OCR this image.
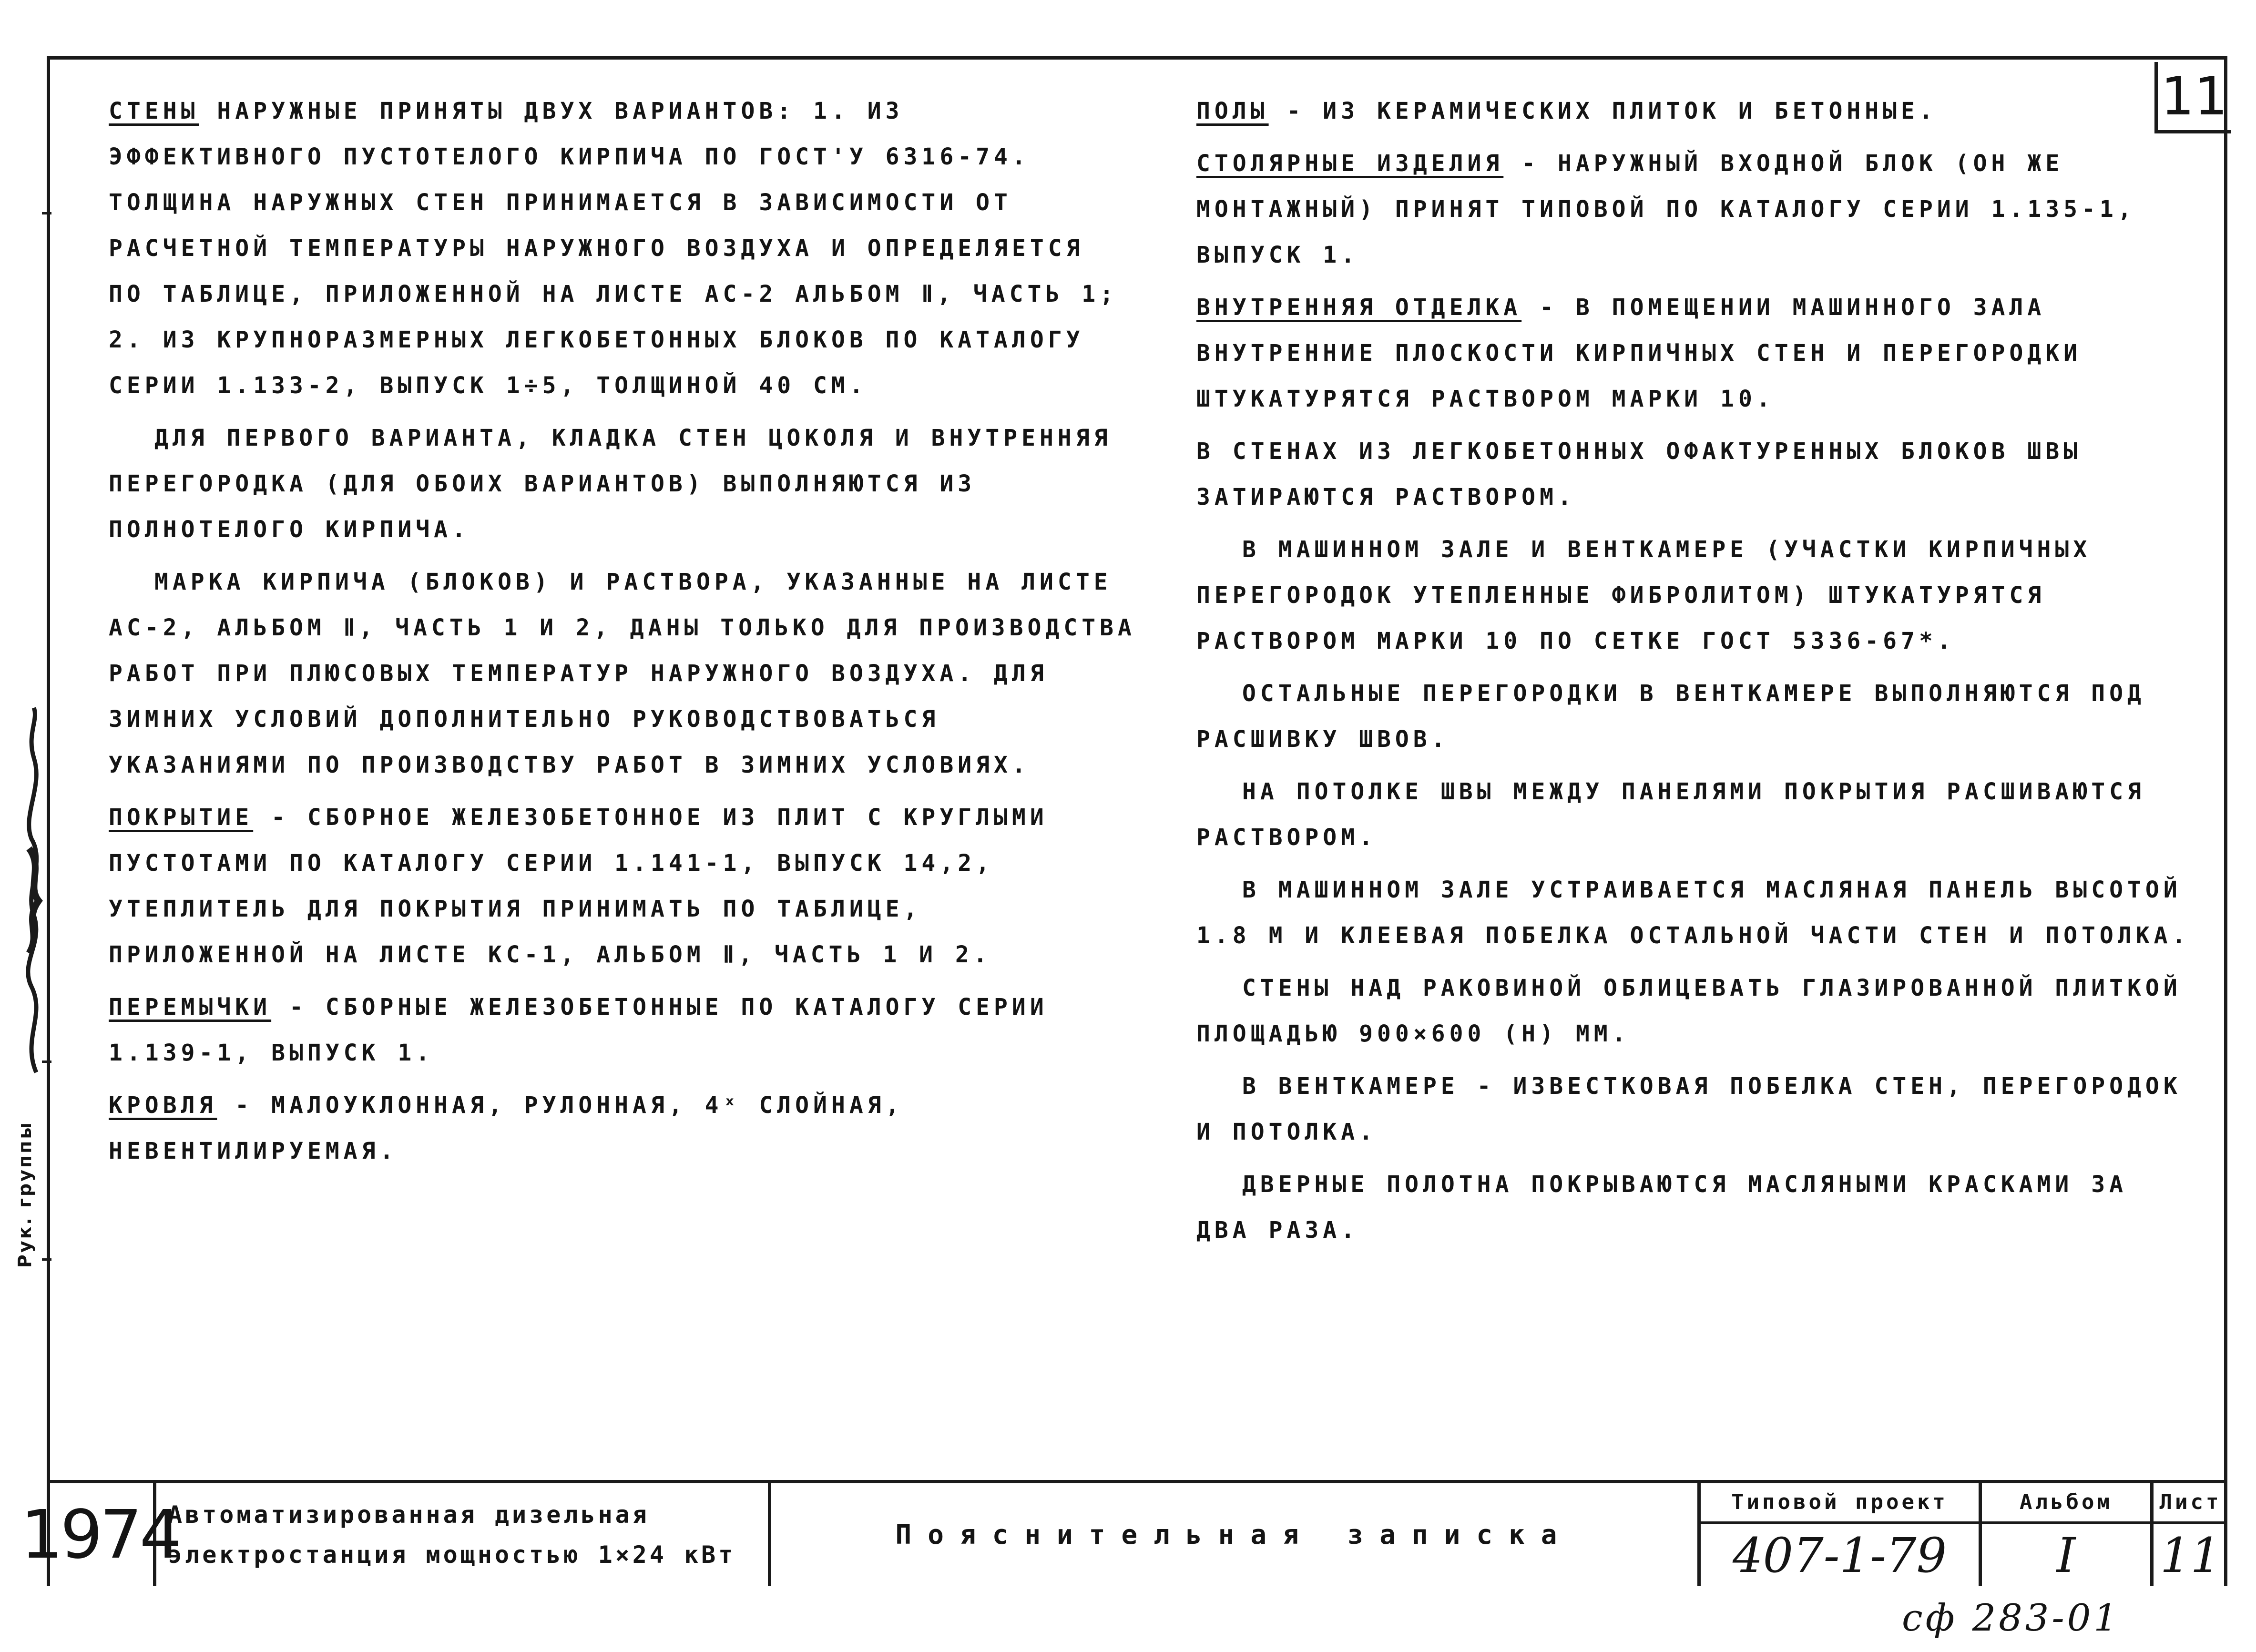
11
Рук. группы

СТЕНЫ НАРУЖНЫЕ ПРИНЯТЫ ДВУХ ВАРИАНТОВ: 1. ИЗ ЭФФЕКТИВНОГО ПУСТОТЕЛОГО КИРПИЧА ПО ГОСТ'У 6316-74. ТОЛЩИНА НАРУЖНЫХ СТЕН ПРИНИМАЕТСЯ В ЗАВИСИМОСТИ ОТ РАСЧЕТНОЙ ТЕМПЕРАТУРЫ НАРУЖНОГО ВОЗДУХА И ОПРЕДЕЛЯЕТСЯ ПО ТАБЛИЦЕ, ПРИЛОЖЕННОЙ НА ЛИСТЕ АС-2 АЛЬБОМ Ⅱ, ЧАСТЬ 1; 2. ИЗ КРУПНОРАЗМЕРНЫХ ЛЕГКОБЕТОННЫХ БЛОКОВ ПО КАТАЛОГУ СЕРИИ 1.133-2, ВЫПУСК 1÷5, ТОЛЩИНОЙ 40 СМ.

ДЛЯ ПЕРВОГО ВАРИАНТА, КЛАДКА СТЕН ЦОКОЛЯ И ВНУТРЕННЯЯ ПЕРЕГОРОДКА (ДЛЯ ОБОИХ ВАРИАНТОВ) ВЫПОЛНЯЮТСЯ ИЗ ПОЛНОТЕЛОГО КИРПИЧА.

МАРКА КИРПИЧА (БЛОКОВ) И РАСТВОРА, УКАЗАННЫЕ НА ЛИСТЕ АС-2, АЛЬБОМ Ⅱ, ЧАСТЬ 1 И 2, ДАНЫ ТОЛЬКО ДЛЯ ПРОИЗВОДСТВА РАБОТ ПРИ ПЛЮСОВЫХ ТЕМПЕРАТУР НАРУЖНОГО ВОЗДУХА. ДЛЯ ЗИМНИХ УСЛОВИЙ ДОПОЛНИТЕЛЬНО РУКОВОДСТВОВАТЬСЯ УКАЗАНИЯМИ ПО ПРОИЗВОДСТВУ РАБОТ В ЗИМНИХ УСЛОВИЯХ.

ПОКРЫТИЕ - СБОРНОЕ ЖЕЛЕЗОБЕТОННОЕ ИЗ ПЛИТ С КРУГЛЫМИ ПУСТОТАМИ ПО КАТАЛОГУ СЕРИИ 1.141-1, ВЫПУСК 14,2, УТЕПЛИТЕЛЬ ДЛЯ ПОКРЫТИЯ ПРИНИМАТЬ ПО ТАБЛИЦЕ, ПРИЛОЖЕННОЙ НА ЛИСТЕ КС-1, АЛЬБОМ Ⅱ, ЧАСТЬ 1 И 2.

ПЕРЕМЫЧКИ - СБОРНЫЕ ЖЕЛЕЗОБЕТОННЫЕ ПО КАТАЛОГУ СЕРИИ 1.139-1, ВЫПУСК 1.

КРОВЛЯ - МАЛОУКЛОННАЯ, РУЛОННАЯ, 4ˣ СЛОЙНАЯ, НЕВЕНТИЛИРУЕМАЯ.

ПОЛЫ - ИЗ КЕРАМИЧЕСКИХ ПЛИТОК И БЕТОННЫЕ.

СТОЛЯРНЫЕ ИЗДЕЛИЯ - НАРУЖНЫЙ ВХОДНОЙ БЛОК (ОН ЖЕ МОНТАЖНЫЙ) ПРИНЯТ ТИПОВОЙ ПО КАТАЛОГУ СЕРИИ 1.135-1, ВЫПУСК 1.

ВНУТРЕННЯЯ ОТДЕЛКА - В ПОМЕЩЕНИИ МАШИННОГО ЗАЛА ВНУТРЕННИЕ ПЛОСКОСТИ КИРПИЧНЫХ СТЕН И ПЕРЕГОРОДКИ ШТУКАТУРЯТСЯ РАСТВОРОМ МАРКИ 10.

В СТЕНАХ ИЗ ЛЕГКОБЕТОННЫХ ОФАКТУРЕННЫХ БЛОКОВ ШВЫ ЗАТИРАЮТСЯ РАСТВОРОМ.

В МАШИННОМ ЗАЛЕ И ВЕНТКАМЕРЕ (УЧАСТКИ КИРПИЧНЫХ ПЕРЕГОРОДОК УТЕПЛЕННЫЕ ФИБРОЛИТОМ) ШТУКАТУРЯТСЯ РАСТВОРОМ МАРКИ 10 ПО СЕТКЕ ГОСТ 5336-67*.

ОСТАЛЬНЫЕ ПЕРЕГОРОДКИ В ВЕНТКАМЕРЕ ВЫПОЛНЯЮТСЯ ПОД РАСШИВКУ ШВОВ.

НА ПОТОЛКЕ ШВЫ МЕЖДУ ПАНЕЛЯМИ ПОКРЫТИЯ РАСШИВАЮТСЯ РАСТВОРОМ.

В МАШИННОМ ЗАЛЕ УСТРАИВАЕТСЯ МАСЛЯНАЯ ПАНЕЛЬ ВЫСОТОЙ 1.8 М И КЛЕЕВАЯ ПОБЕЛКА ОСТАЛЬНОЙ ЧАСТИ СТЕН И ПОТОЛКА.

СТЕНЫ НАД РАКОВИНОЙ ОБЛИЦЕВАТЬ ГЛАЗИРОВАННОЙ ПЛИТКОЙ ПЛОЩАДЬЮ 900×600 (H) ММ.

В ВЕНТКАМЕРЕ - ИЗВЕСТКОВАЯ ПОБЕЛКА СТЕН, ПЕРЕГОРОДОК И ПОТОЛКА.

ДВЕРНЫЕ ПОЛОТНА ПОКРЫВАЮТСЯ МАСЛЯНЫМИ КРАСКАМИ ЗА ДВА РАЗА.

1974
Автоматизированная дизельная
электростанция мощностью 1×24 кВт
Пояснительная записка
Типовой проект
407-1-79
Альбом
I
Лист
11
сф 283-01
